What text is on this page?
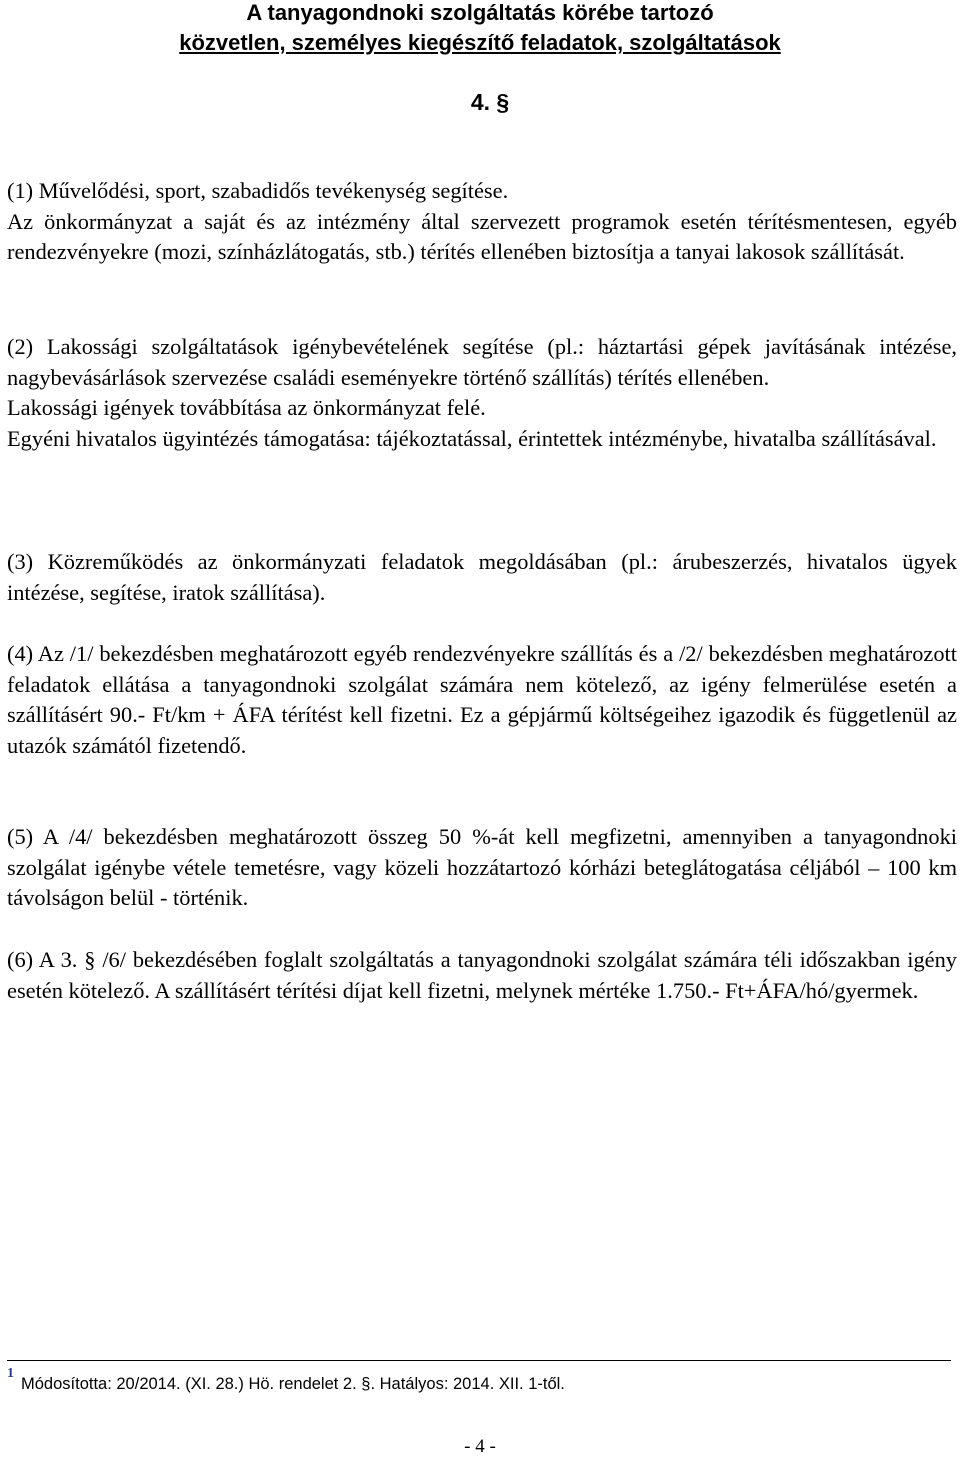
A tanyagondnoki szolgáltatás körébe tartozó
közvetlen, személyes kiegészítő feladatok, szolgáltatások
4. §

(1) Művelődési, sport, szabadidős tevékenység segítése.

Az önkormányzat a saját és az intézmény által szervezett programok esetén térítésmentesen, egyéb rendezvényekre (mozi, színházlátogatás, stb.) térítés ellenében biztosítja a tanyai lakosok szállítását.

(2) Lakossági szolgáltatások igénybevételének segítése (pl.: háztartási gépek javításának intézése, nagybevásárlások szervezése családi eseményekre történő szállítás) térítés ellenében.

Lakossági igények továbbítása az önkormányzat felé.

Egyéni hivatalos ügyintézés támogatása: tájékoztatással, érintettek intézménybe, hivatalba szállításával.

(3) Közreműködés az önkormányzati feladatok megoldásában (pl.: árubeszerzés, hivatalos ügyek intézése, segítése, iratok szállítása).

(4) Az /1/ bekezdésben meghatározott egyéb rendezvényekre szállítás és a /2/ bekezdésben meghatározott feladatok ellátása a tanyagondnoki szolgálat számára nem kötelező, az igény felmerülése esetén a szállításért 90.- Ft/km + ÁFA térítést kell fizetni. Ez a gépjármű költségeihez igazodik és függetlenül az utazók számától fizetendő.

(5) A /4/ bekezdésben meghatározott összeg 50 %-át kell megfizetni, amennyiben a tanyagondnoki szolgálat igénybe vétele temetésre, vagy közeli hozzátartozó kórházi beteglátogatása céljából – 100 km távolságon belül - történik.

(6) A 3. § /6/ bekezdésében foglalt szolgáltatás a tanyagondnoki szolgálat számára téli időszakban igény esetén kötelező. A szállításért térítési díjat kell fizetni, melynek mértéke 1.750.- Ft+ÁFA/hó/gyermek.

1
Módosította: 20/2014. (XI. 28.) Hö. rendelet 2. §. Hatályos: 2014. XII. 1-től.
- 4 -
